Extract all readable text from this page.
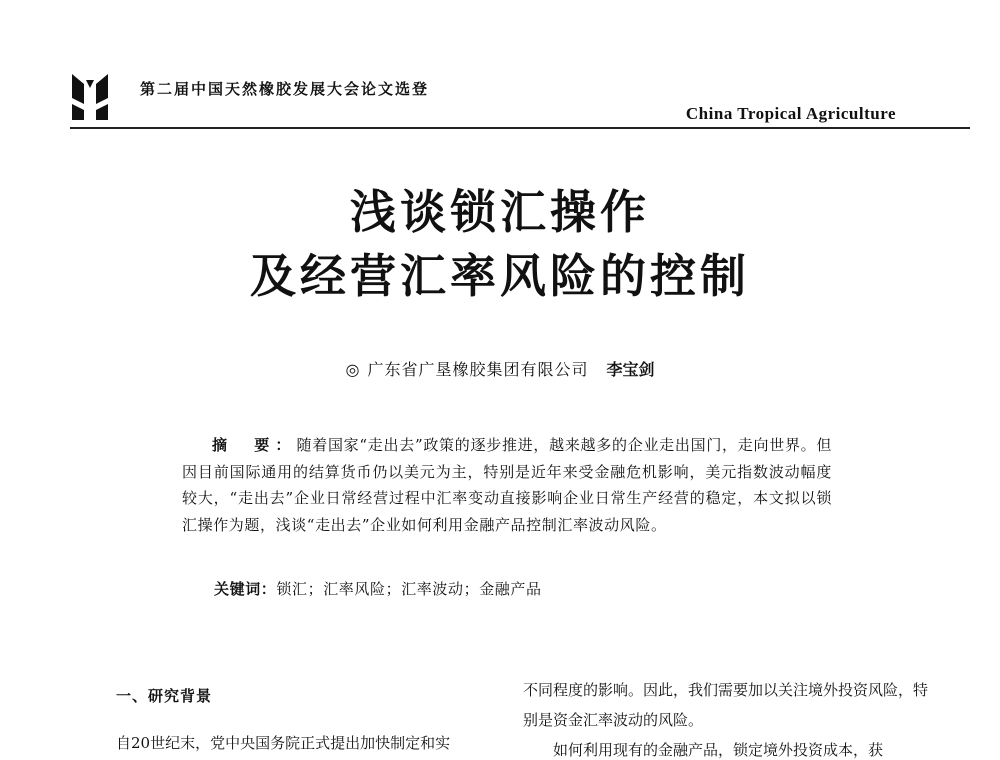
第二届中国天然橡胶发展大会论文选登
China Tropical Agriculture
浅谈锁汇操作
及经营汇率风险的控制
◎ 广东省广垦橡胶集团有限公司 李宝剑

摘　要：随着国家“走出去”政策的逐步推进，越来越多的企业走出国门，走向世界。但因目前国际通用的结算货币仍以美元为主，特别是近年来受金融危机影响，美元指数波动幅度较大，“走出去”企业日常经营过程中汇率变动直接影响企业日常生产经营的稳定，本文拟以锁汇操作为题，浅谈“走出去”企业如何利用金融产品控制汇率波动风险。

关键词：锁汇；汇率风险；汇率波动；金融产品
一、研究背景

自20世纪末，党中央国务院正式提出加快制定和实

不同程度的影响。因此，我们需要加以关注境外投资风险，特别是资金汇率波动的风险。

如何利用现有的金融产品，锁定境外投资成本，获
